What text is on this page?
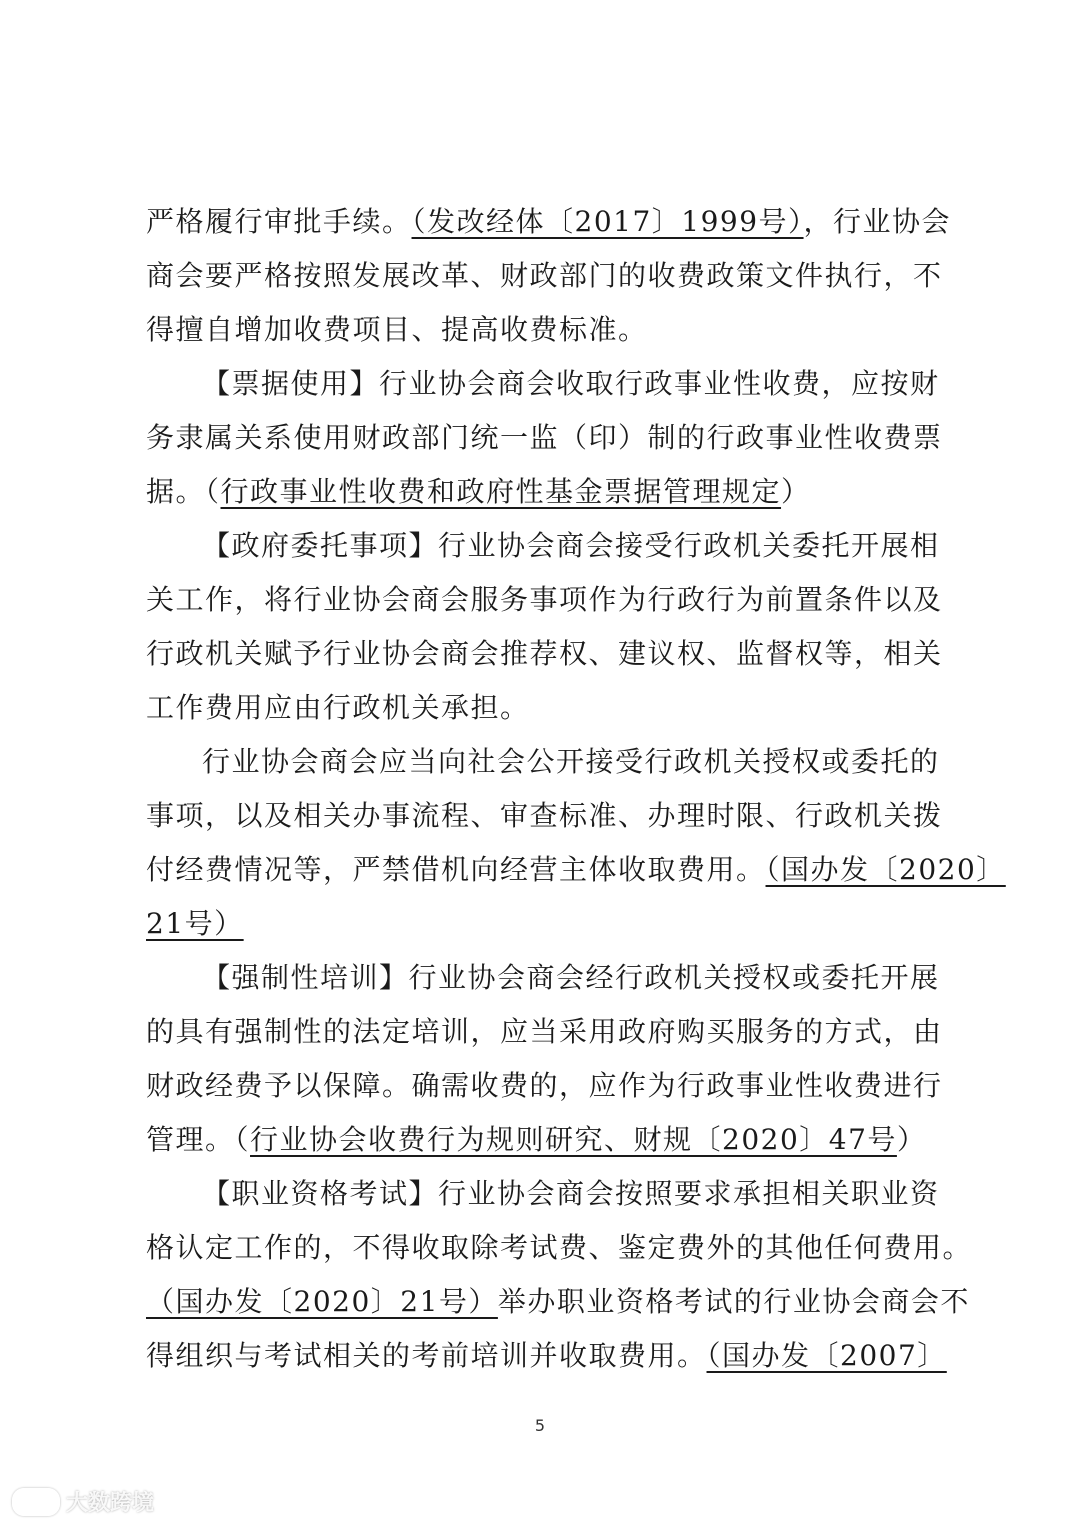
严格履行审批手续。（发改经体〔2017〕1999号），行业协会
商会要严格按照发展改革、财政部门的收费政策文件执行，不
得擅自增加收费项目、提高收费标准。
【票据使用】行业协会商会收取行政事业性收费，应按财
务隶属关系使用财政部门统一监（印）制的行政事业性收费票
据。（行政事业性收费和政府性基金票据管理规定）
【政府委托事项】行业协会商会接受行政机关委托开展相
关工作，将行业协会商会服务事项作为行政行为前置条件以及
行政机关赋予行业协会商会推荐权、建议权、监督权等，相关
工作费用应由行政机关承担。
行业协会商会应当向社会公开接受行政机关授权或委托的
事项，以及相关办事流程、审查标准、办理时限、行政机关拨
付经费情况等，严禁借机向经营主体收取费用。（国办发〔2020〕
21号）
【强制性培训】行业协会商会经行政机关授权或委托开展
的具有强制性的法定培训，应当采用政府购买服务的方式，由
财政经费予以保障。确需收费的，应作为行政事业性收费进行
管理。（行业协会收费行为规则研究、财规〔2020〕47号）
【职业资格考试】行业协会商会按照要求承担相关职业资
格认定工作的，不得收取除考试费、鉴定费外的其他任何费用。
（国办发〔2020〕21号）举办职业资格考试的行业协会商会不
得组织与考试相关的考前培训并收取费用。（国办发〔2007〕
5
大数跨境
